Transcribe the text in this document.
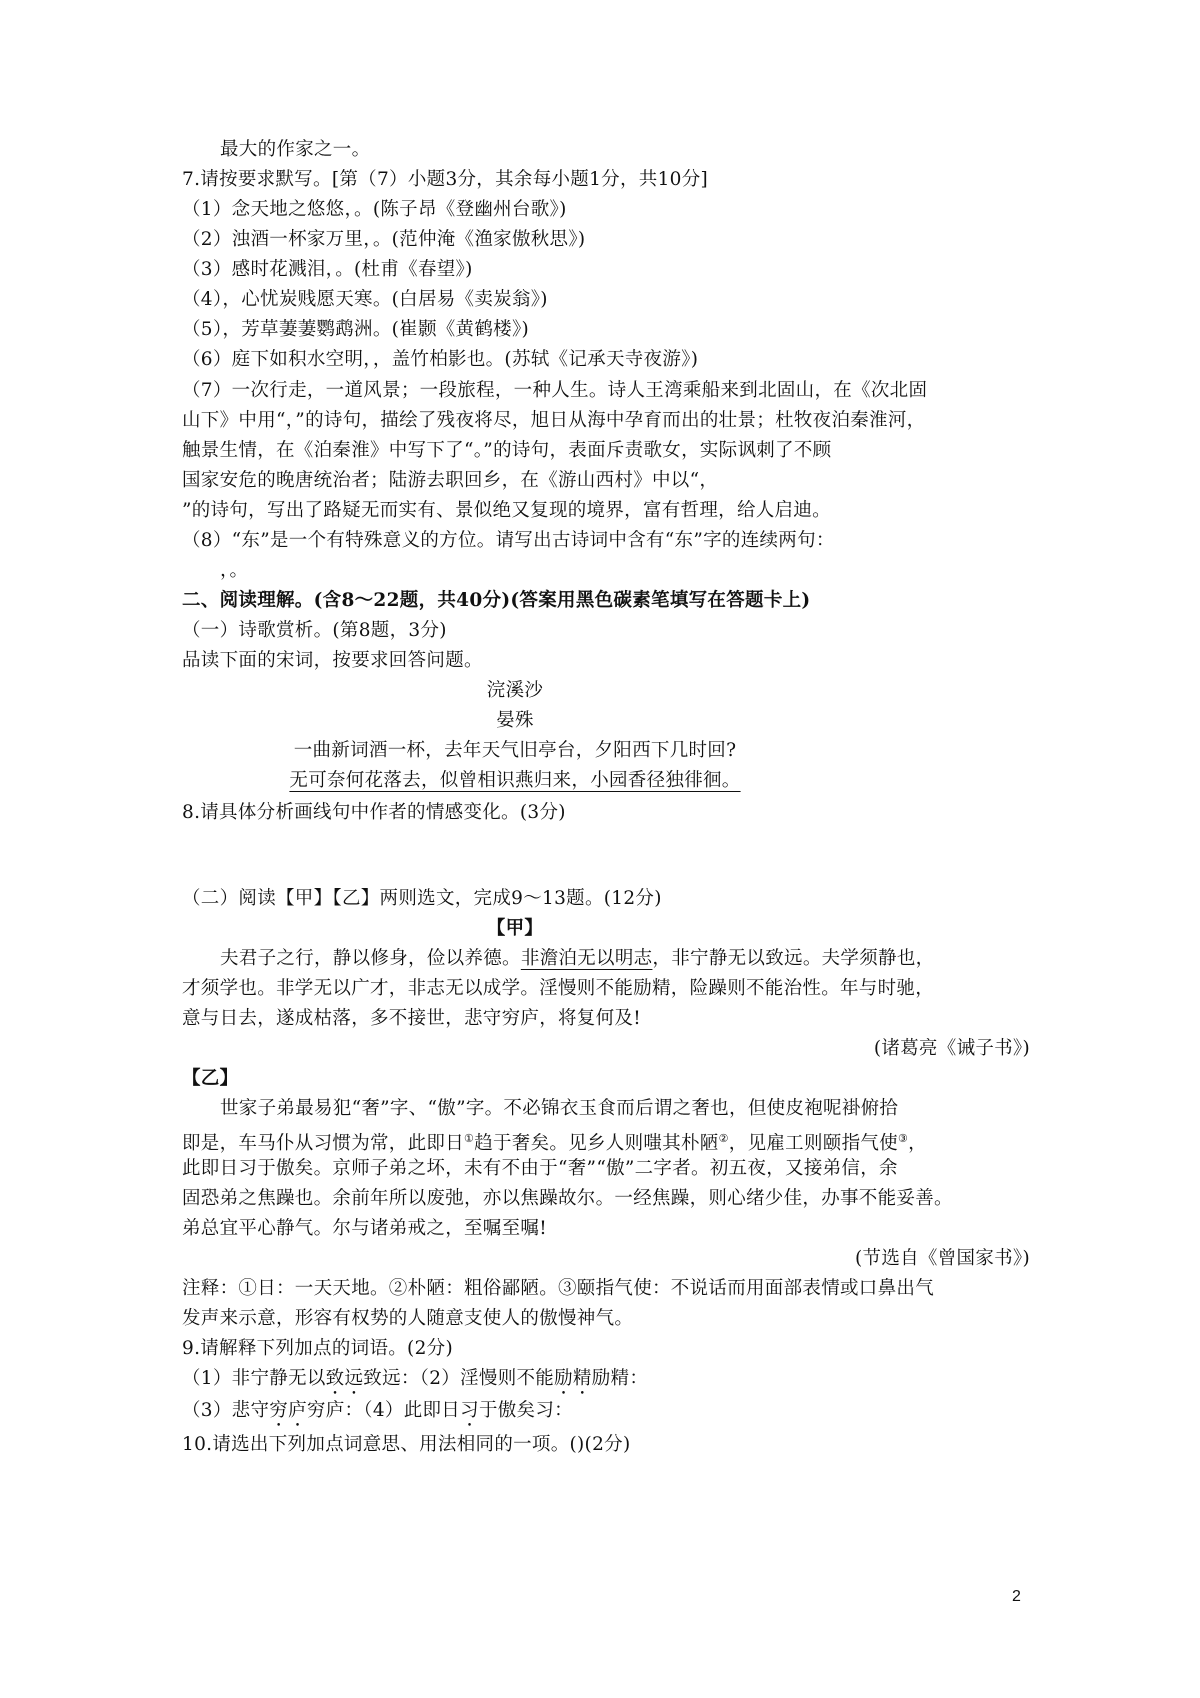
最大的作家之一。
7.请按要求默写。[第（7）小题3分，其余每小题1分，共10分]
（1）念天地之悠悠，。(陈子昂《登幽州台歌》)
（2）浊酒一杯家万里，。(范仲淹《渔家傲秋思》)
（3）感时花溅泪，。(杜甫《春望》)
（4），心忧炭贱愿天寒。(白居易《卖炭翁》)
（5），芳草萋萋鹦鹉洲。(崔颢《黄鹤楼》)
（6）庭下如积水空明，，盖竹柏影也。(苏轼《记承天寺夜游》)
（7）一次行走，一道风景；一段旅程，一种人生。诗人王湾乘船来到北固山，在《次北固
山下》中用“，”的诗句，描绘了残夜将尽，旭日从海中孕育而出的壮景；杜牧夜泊秦淮河，
触景生情，在《泊秦淮》中写下了“。”的诗句，表面斥责歌女，实际讽刺了不顾
国家安危的晚唐统治者；陆游去职回乡，在《游山西村》中以“，
”的诗句，写出了路疑无而实有、景似绝又复现的境界，富有哲理，给人启迪。
（8）“东”是一个有特殊意义的方位。请写出古诗词中含有“东”字的连续两句：
，。
二、阅读理解。(含8～22题，共40分)(答案用黑色碳素笔填写在答题卡上)
（一）诗歌赏析。(第8题，3分)
品读下面的宋词，按要求回答问题。
浣溪沙
晏殊
一曲新词酒一杯，去年天气旧亭台，夕阳西下几时回?
无可奈何花落去，似曾相识燕归来，小园香径独徘徊。
8.请具体分析画线句中作者的情感变化。(3分)
（二）阅读【甲】【乙】两则选文，完成9～13题。(12分)
【甲】
夫君子之行，静以修身，俭以养德。非澹泊无以明志，非宁静无以致远。夫学须静也，
才须学也。非学无以广才，非志无以成学。淫慢则不能励精，险躁则不能治性。年与时驰，
意与日去，遂成枯落，多不接世，悲守穷庐，将复何及!
(诸葛亮《诫子书》)
【乙】
世家子弟最易犯“奢”字、“傲”字。不必锦衣玉食而后谓之奢也，但使皮袍呢褂俯拾
即是，车马仆从习惯为常，此即日①趋于奢矣。见乡人则嗤其朴陋②，见雇工则颐指气使③，
此即日习于傲矣。京师子弟之坏，未有不由于“奢”“傲”二字者。初五夜，又接弟信，余
固恐弟之焦躁也。余前年所以废弛，亦以焦躁故尔。一经焦躁，则心绪少佳，办事不能妥善。
弟总宜平心静气。尔与诸弟戒之，至嘱至嘱!
(节选自《曾国家书》)
注释：①日：一天天地。②朴陋：粗俗鄙陋。③颐指气使：不说话而用面部表情或口鼻出气
发声来示意，形容有权势的人随意支使人的傲慢神气。
9.请解释下列加点的词语。(2分)
（1）非宁静无以致远致远：（2）淫慢则不能励精励精：
（3）悲守穷庐穷庐：（4）此即日习于傲矣习：
10.请选出下列加点词意思、用法相同的一项。()(2分)
2
